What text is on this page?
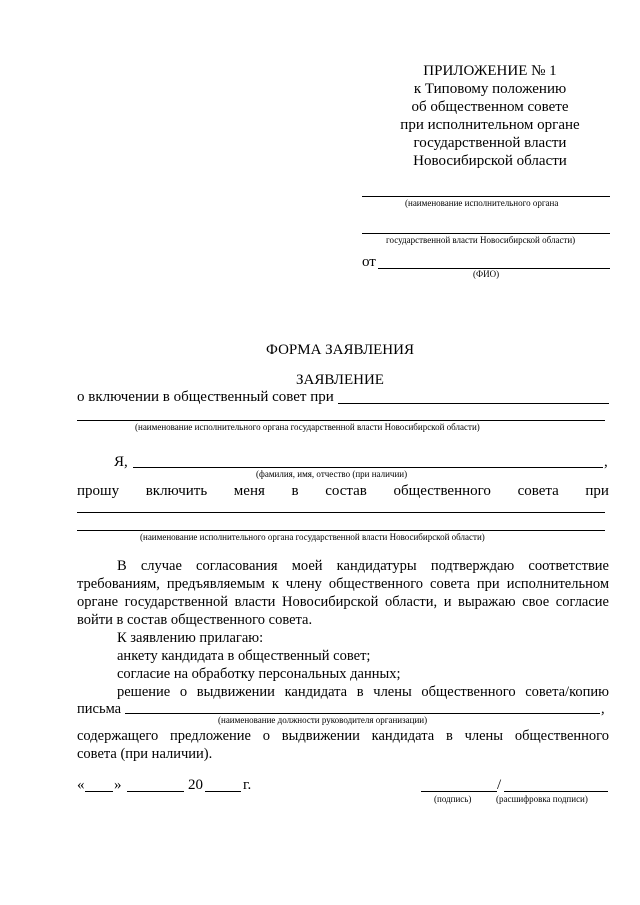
ПРИЛОЖЕНИЕ № 1
к Типовому положению
об общественном совете
при исполнительном органе
государственной власти
Новосибирской области
(наименование исполнительного органа
государственной власти Новосибирской области)
от
(ФИО)
ФОРМА ЗАЯВЛЕНИЯ
ЗАЯВЛЕНИЕ
о включении в общественный совет при
(наименование исполнительного органа государственной власти Новосибирской области)
Я,	,
(фамилия, имя, отчество (при наличии)
прошу включить меня в состав общественного совета при
(наименование исполнительного органа государственной власти Новосибирской области)
В случае согласования моей кандидатуры подтверждаю соответствие
требованиям, предъявляемым к члену общественного совета при исполнительном
органе государственной власти Новосибирской области, и выражаю свое согласие
войти в состав общественного совета.
К заявлению прилагаю:
анкету кандидата в общественный совет;
согласие на обработку персональных данных;
решение о выдвижении кандидата в члены общественного совета/копию
письма	,
(наименование должности руководителя организации)
содержащего предложение о выдвижении кандидата в члены общественного
совета (при наличии).
« »	20	г.	/
(подпись)	(расшифровка подписи)
